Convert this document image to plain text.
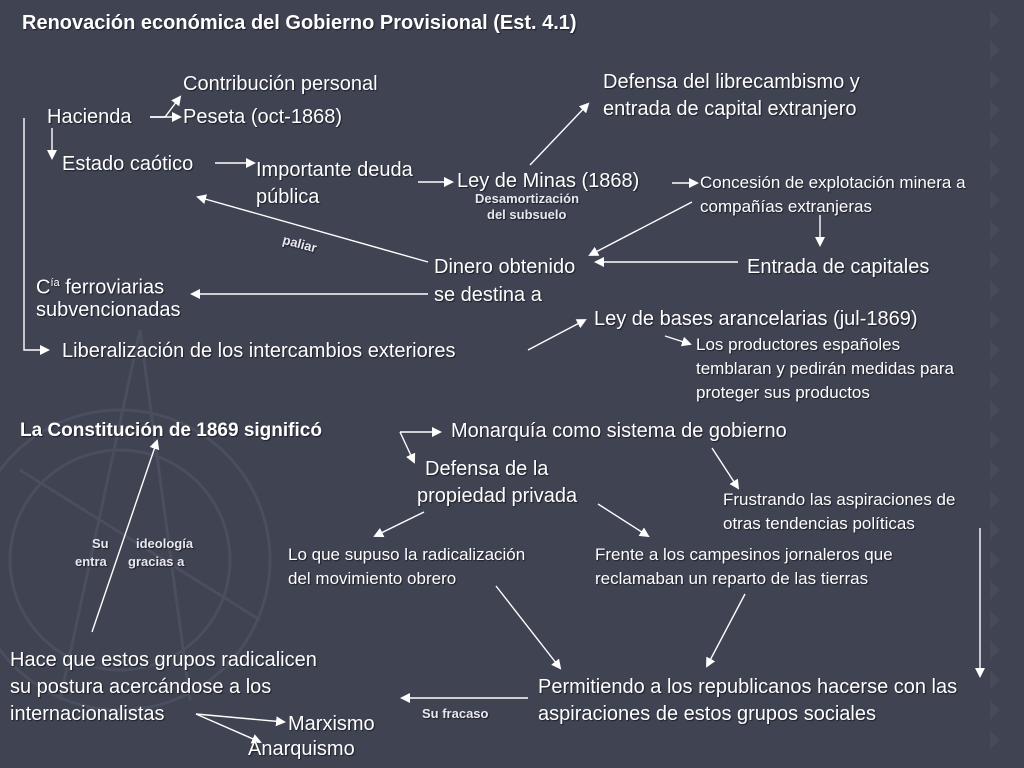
Renovación económica del Gobierno Provisional (Est. 4.1)
Hacienda
Contribución personal
Peseta (oct-1868)
Estado caótico	Importante deuda
pública
Ley de Minas (1868)
Desamortización
del subsuelo
Defensa del librecambismo y
entrada de capital extranjero
Concesión de explotación minera a
compañías extranjeras
Entrada de capitales
Dinero obtenido
se destina a
paliar
$C^{ía}$ ferroviarias
subvencionadas
Liberalización de los intercambios exteriores
Ley de bases arancelarias (jul-1869)
Los productores españoles
temblaran y pedirán medidas para
proteger sus productos
La Constitución de 1869 significó	Monarquía como sistema de gobierno
Defensa de la
propiedad privada	Frustrando las aspiraciones de
otras tendencias políticas
Lo que supuso la radicalización
del movimiento obrero
Frente a los campesinos jornaleros que
reclamaban un reparto de las tierras
Su
entra
ideología
gracias a
Hace que estos grupos radicalicen
su postura acercándose a los
internacionalistas	Marxismo
Anarquismo
Su fracaso
Permitiendo a los republicanos hacerse con las
aspiraciones de estos grupos sociales
